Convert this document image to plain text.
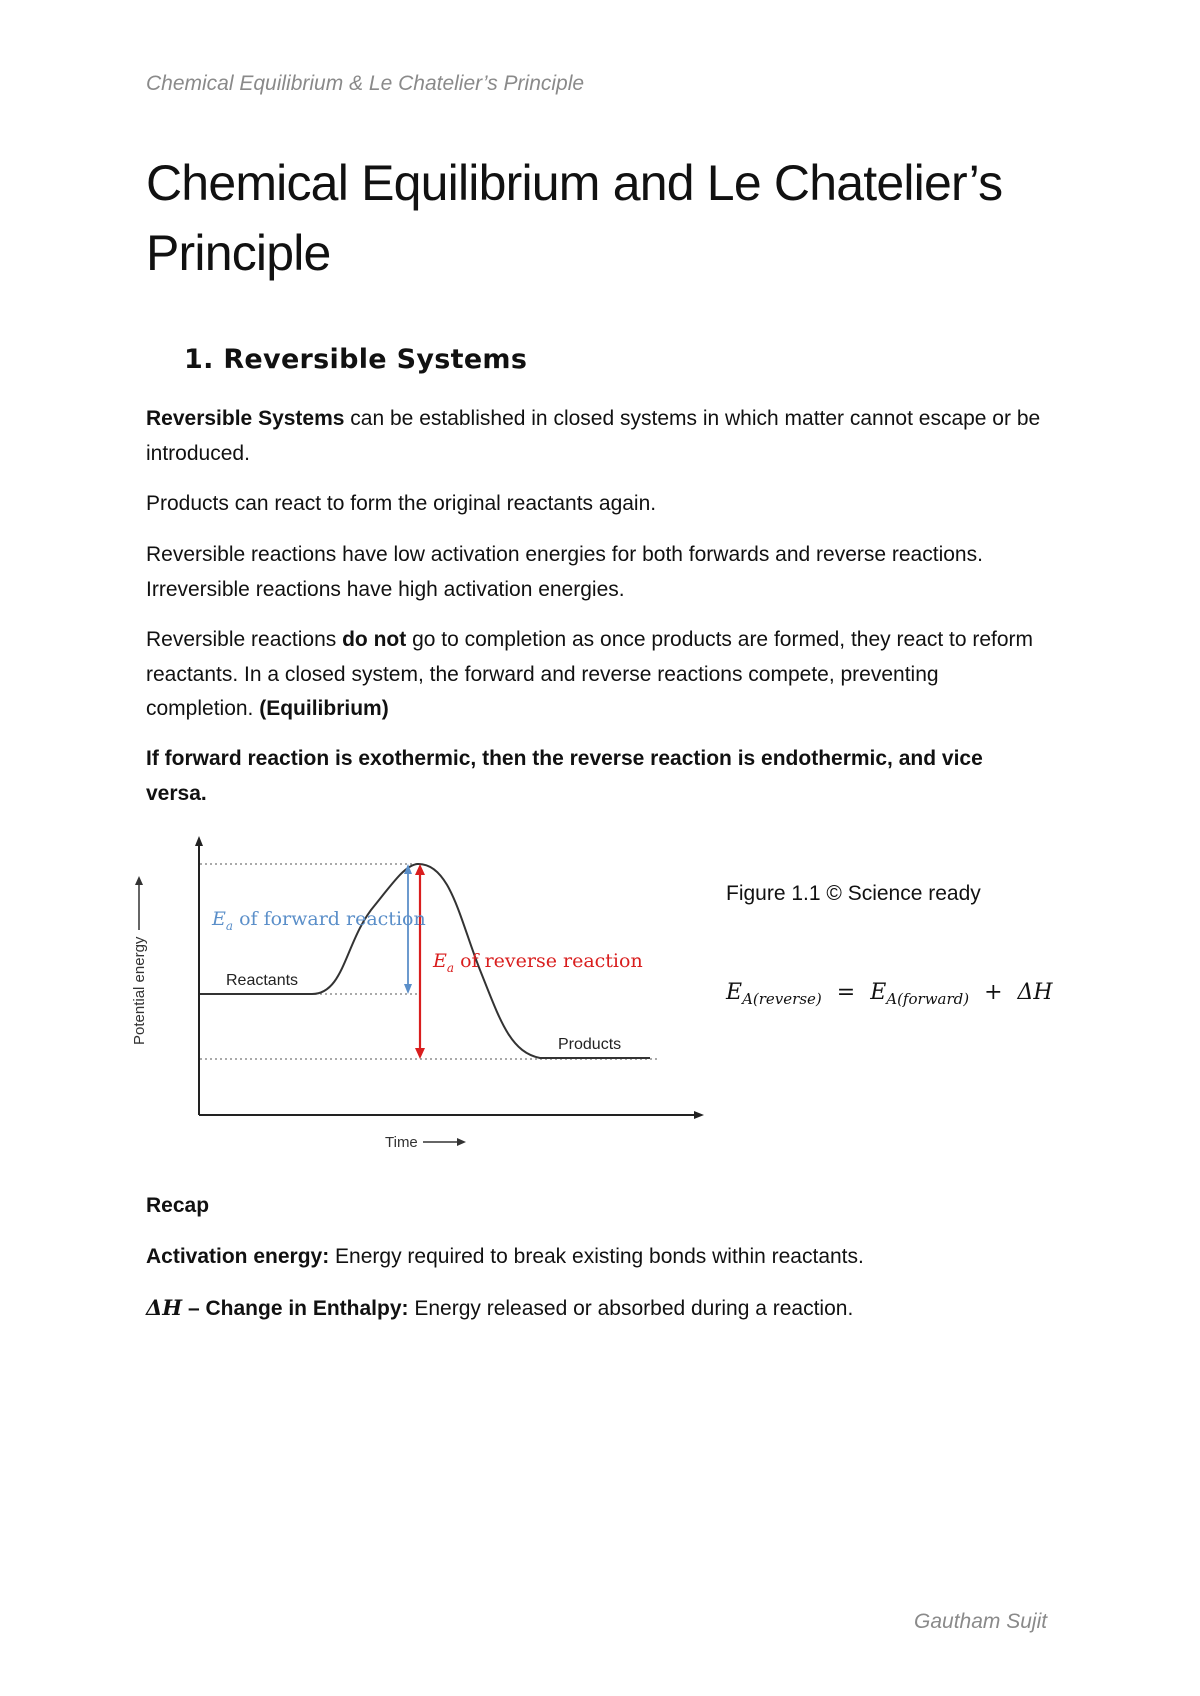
Chemical Equilibrium & Le Chatelier’s Principle
Chemical Equilibrium and Le Chatelier’s Principle
1. Reversible Systems

Reversible Systems can be established in closed systems in which matter cannot escape or be introduced.

Products can react to form the original reactants again.

Reversible reactions have low activation energies for both forwards and reverse reactions. Irreversible reactions have high activation energies.

Reversible reactions do not go to completion as once products are formed, they react to reform reactants. In a closed system, the forward and reverse reactions compete, preventing completion. (Equilibrium)

If forward reaction is exothermic, then the reverse reaction is endothermic, and vice versa.

Potential energy
Time
$E_a$ of forward reaction
$E_a$ of reverse reaction
Reactants
Products
Figure 1.1 © Science ready
$E_{A(reverse)} = E_{A(forward)} + \Delta H$

Recap

Activation energy: Energy required to break existing bonds within reactants.

ΔH – Change in Enthalpy: Energy released or absorbed during a reaction.

Gautham Sujit
